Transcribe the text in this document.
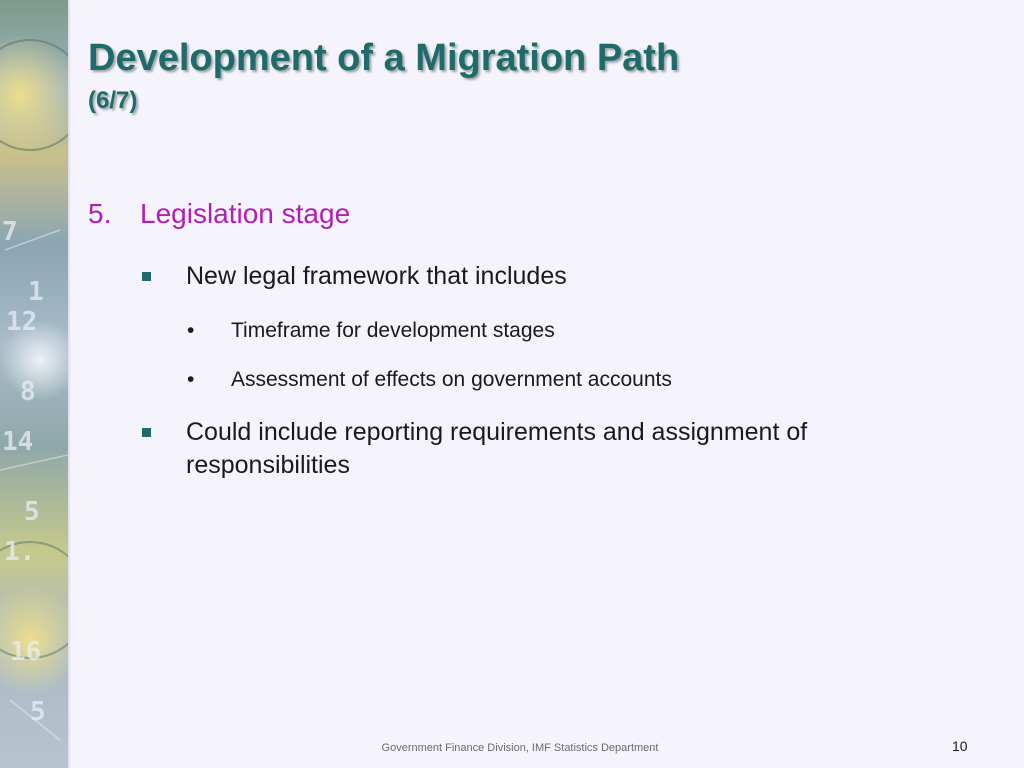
7
1
12
8
14
5
1.
16
5
Development of a Migration Path
(6/7)
5. Legislation stage
New legal framework that includes
• Timeframe for development stages
• Assessment of effects on government accounts
Could include reporting requirements and assignment of responsibilities
Government Finance Division, IMF Statistics Department	10
